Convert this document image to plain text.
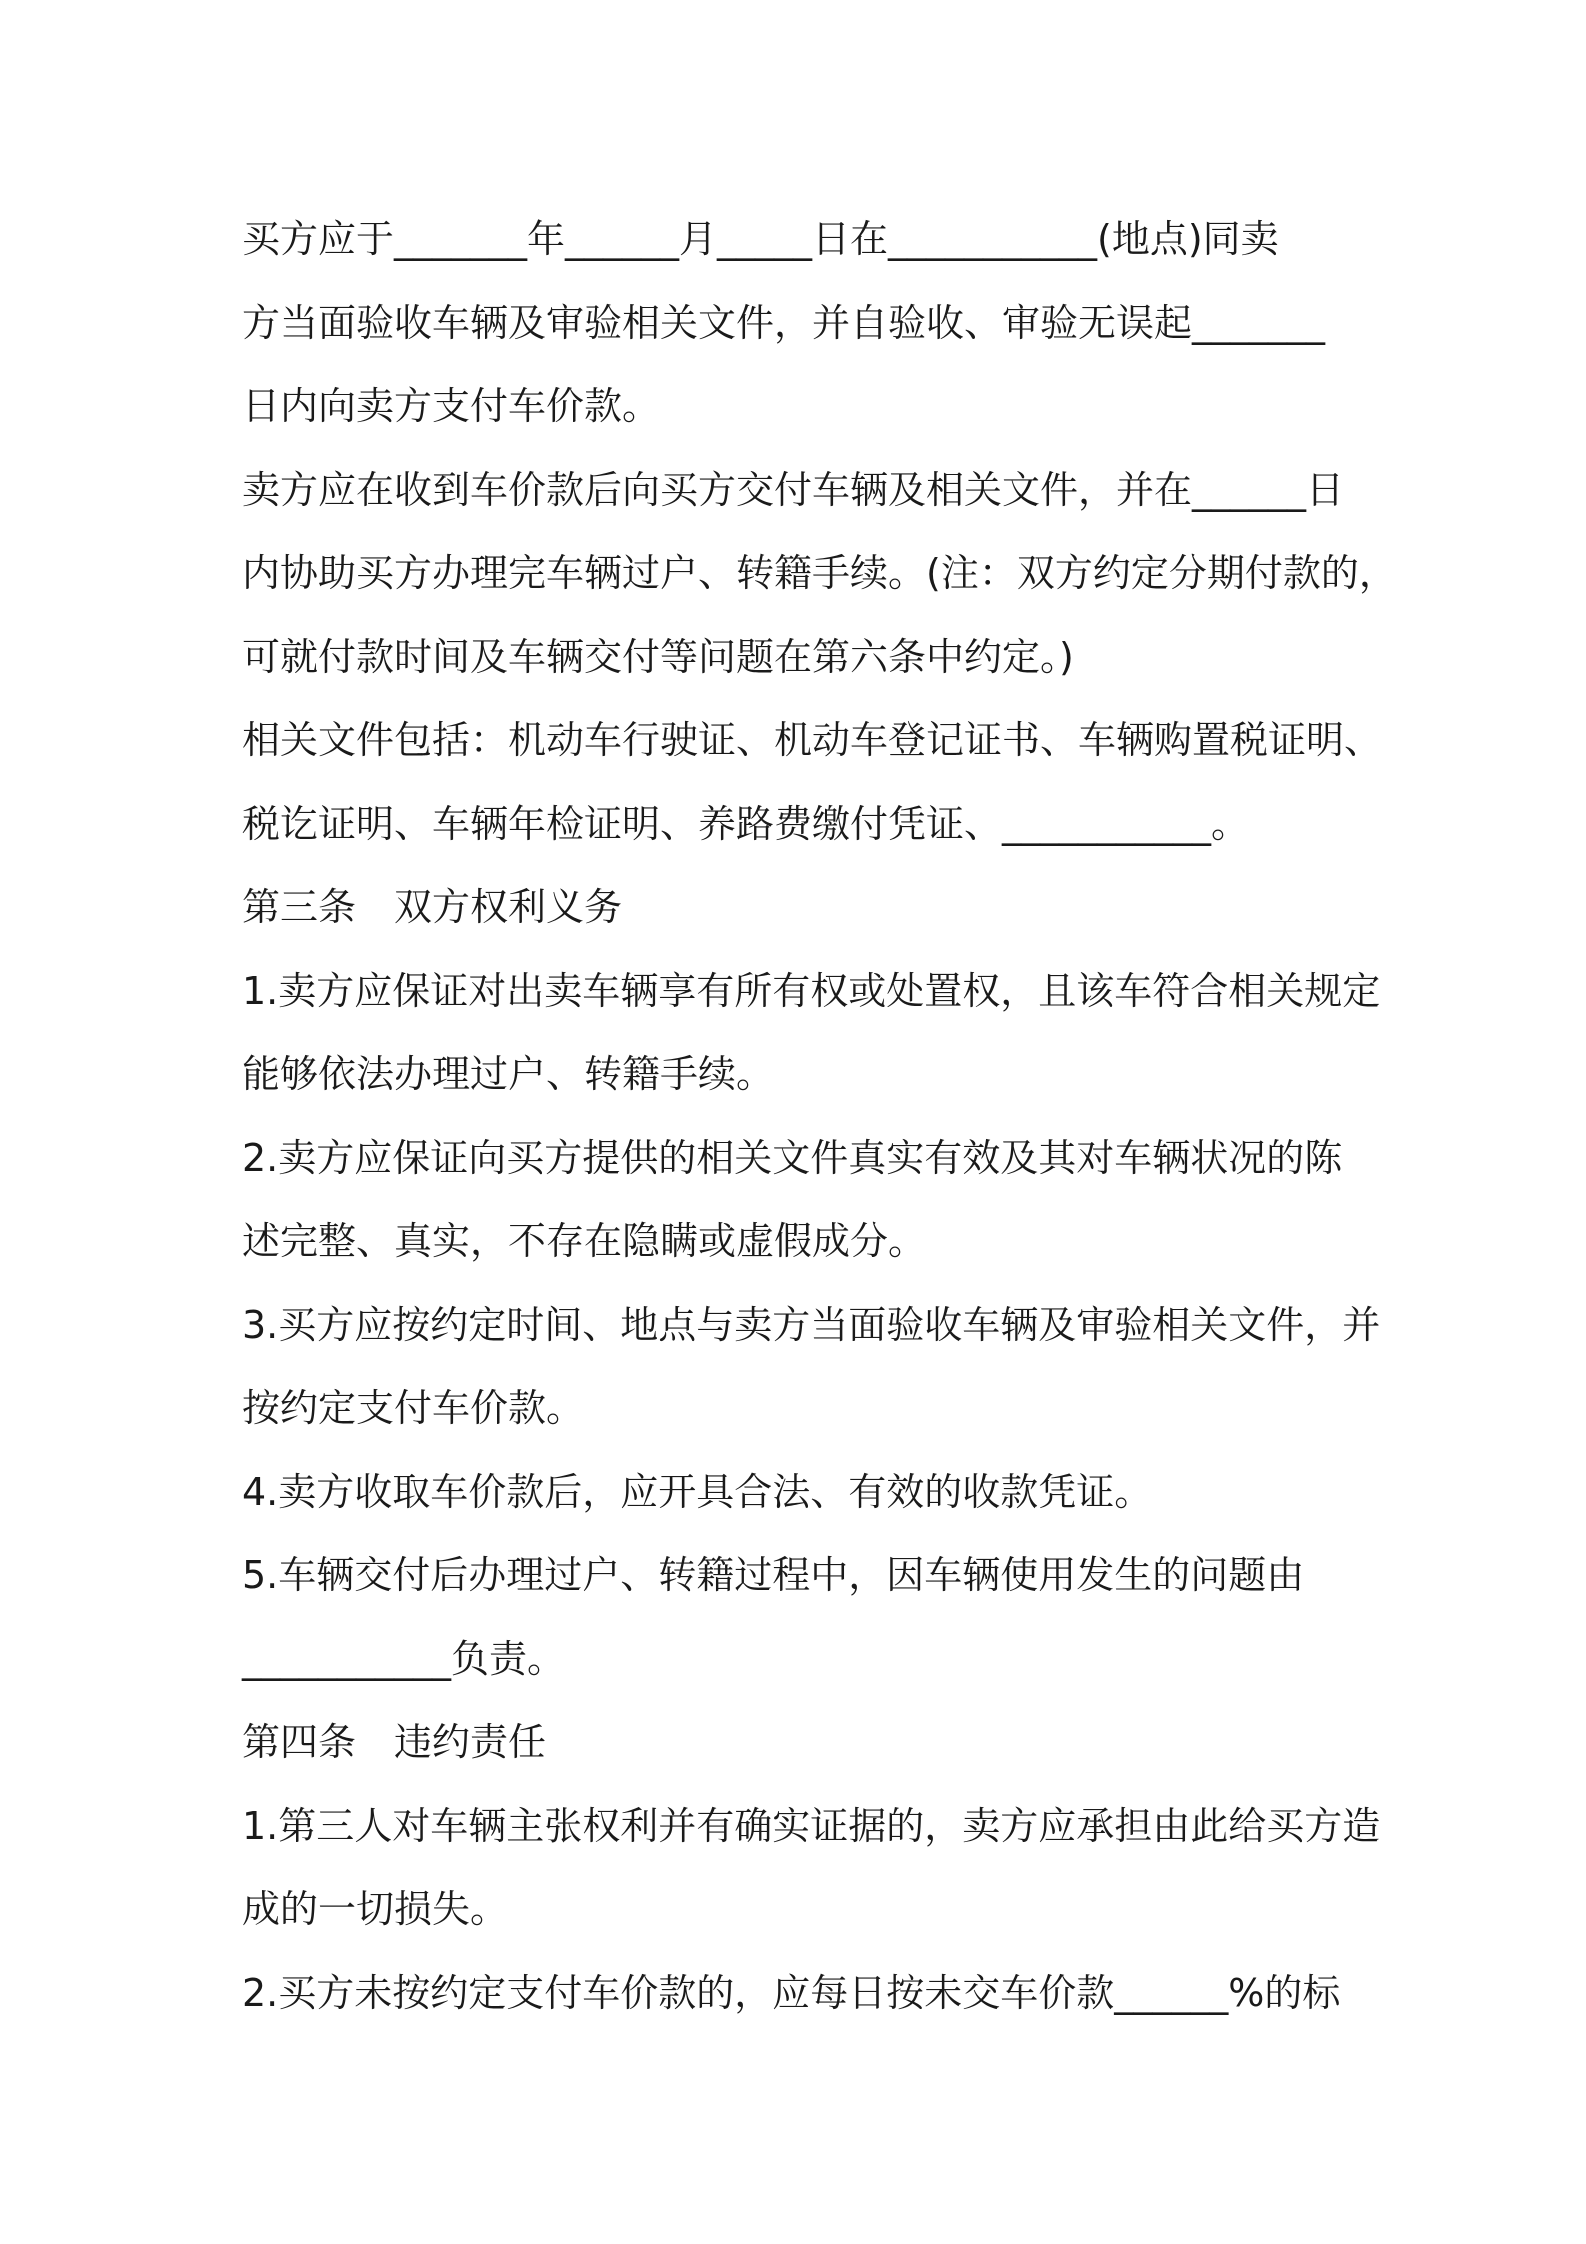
买方应于_______年______月_____日在___________(地点)同卖
方当面验收车辆及审验相关文件，并自验收、审验无误起_______
日内向卖方支付车价款。
卖方应在收到车价款后向买方交付车辆及相关文件，并在______日
内协助买方办理完车辆过户、转籍手续。(注：双方约定分期付款的，
可就付款时间及车辆交付等问题在第六条中约定。)
相关文件包括：机动车行驶证、机动车登记证书、车辆购置税证明、
税讫证明、车辆年检证明、养路费缴付凭证、___________。
第三条　双方权利义务
1.卖方应保证对出卖车辆享有所有权或处置权，且该车符合相关规定
能够依法办理过户、转籍手续。
2.卖方应保证向买方提供的相关文件真实有效及其对车辆状况的陈
述完整、真实，不存在隐瞒或虚假成分。
3.买方应按约定时间、地点与卖方当面验收车辆及审验相关文件，并
按约定支付车价款。
4.卖方收取车价款后，应开具合法、有效的收款凭证。
5.车辆交付后办理过户、转籍过程中，因车辆使用发生的问题由
___________负责。
第四条　违约责任
1.第三人对车辆主张权利并有确实证据的，卖方应承担由此给买方造
成的一切损失。
2.买方未按约定支付车价款的，应每日按未交车价款______%的标
